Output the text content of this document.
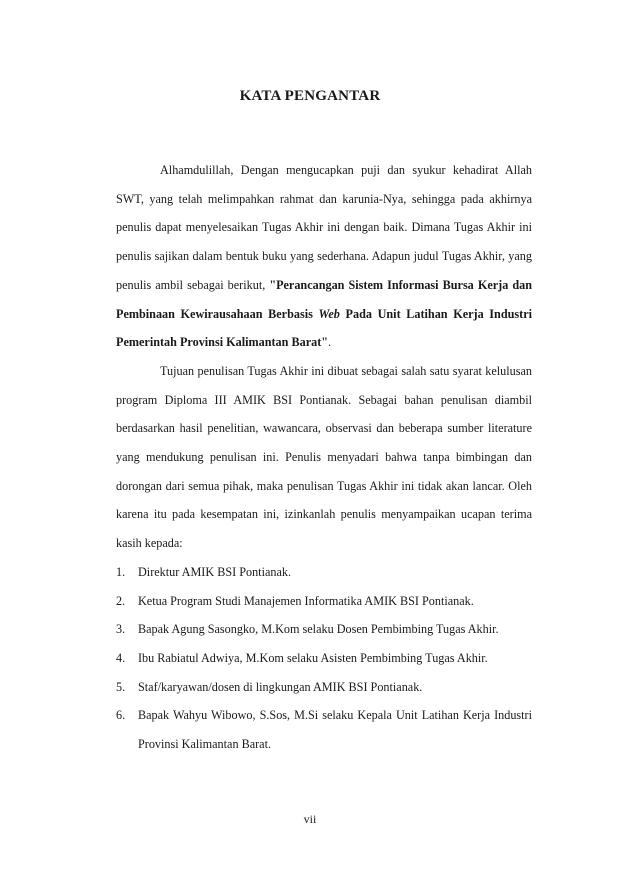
KATA PENGANTAR

Alhamdulillah, Dengan mengucapkan puji dan syukur kehadirat Allah SWT, yang telah melimpahkan rahmat dan karunia-Nya, sehingga pada akhirnya penulis dapat menyelesaikan Tugas Akhir ini dengan baik. Dimana Tugas Akhir ini penulis sajikan dalam bentuk buku yang sederhana. Adapun judul Tugas Akhir, yang penulis ambil sebagai berikut, "Perancangan Sistem Informasi Bursa Kerja dan Pembinaan Kewirausahaan Berbasis Web Pada Unit Latihan Kerja Industri Pemerintah Provinsi Kalimantan Barat".

Tujuan penulisan Tugas Akhir ini dibuat sebagai salah satu syarat kelulusan program Diploma III AMIK BSI Pontianak. Sebagai bahan penulisan diambil berdasarkan hasil penelitian, wawancara, observasi dan beberapa sumber literature yang mendukung penulisan ini. Penulis menyadari bahwa tanpa bimbingan dan dorongan dari semua pihak, maka penulisan Tugas Akhir ini tidak akan lancar. Oleh karena itu pada kesempatan ini, izinkanlah penulis menyampaikan ucapan terima kasih kepada:

1. Direktur AMIK BSI Pontianak.
2. Ketua Program Studi Manajemen Informatika AMIK BSI Pontianak.
3. Bapak Agung Sasongko, M.Kom selaku Dosen Pembimbing Tugas Akhir.
4. Ibu Rabiatul Adwiya, M.Kom selaku Asisten Pembimbing Tugas Akhir.
5. Staf/karyawan/dosen di lingkungan AMIK BSI Pontianak.
6. Bapak Wahyu Wibowo, S.Sos, M.Si selaku Kepala Unit Latihan Kerja Industri Provinsi Kalimantan Barat.
vii
